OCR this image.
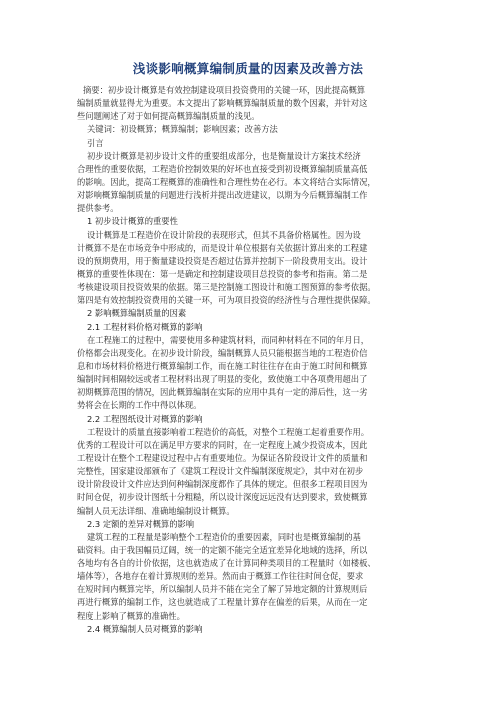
浅谈影响概算编制质量的因素及改善方法
摘要：初步设计概算是有效控制建设项目投资费用的关键一环，因此提高概算
编制质量就显得尤为重要。本文提出了影响概算编制质量的数个因素，并针对这
些问题阐述了对于如何提高概算编制质量的浅见。
关键词：初设概算；概算编制；影响因素；改善方法
引言
初步设计概算是初步设计文件的重要组成部分，也是衡量设计方案技术经济
合理性的重要依据，工程造价控制效果的好坏也直接受到初设概算编制质量高低
的影响。因此，提高工程概算的准确性和合理性势在必行。本文将结合实际情况，
对影响概算编制质量的问题进行浅析并提出改进建议，以期为今后概算编制工作
提供参考。
1 初步设计概算的重要性
设计概算是工程造价在设计阶段的表现形式，但其不具备价格属性。因为设
计概算不是在市场竞争中形成的，而是设计单位根据有关依据计算出来的工程建
设的预期费用，用于衡量建设投资是否超过估算并控制下一阶段费用支出。设计
概算的重要性体现在：第一是确定和控制建设项目总投资的参考和指南。第二是
考核建设项目投资效果的依据。第三是控制施工图设计和施工图预算的参考依据。
第四是有效控制投资费用的关键一环，可为项目投资的经济性与合理性提供保障。
2 影响概算编制质量的因素
2.1 工程材料价格对概算的影响
在工程施工的过程中，需要使用多种建筑材料，而同种材料在不同的年月日，
价格都会出现变化。在初步设计阶段，编制概算人员只能根据当地的工程造价信
息和市场材料价格进行概算编制工作，而在施工时往往存在由于施工时间和概算
编制时间相隔较远或者工程材料出现了明显的变化，致使施工中各项费用超出了
初期概算范围的情况，因此概算编制在实际的应用中具有一定的滞后性，这一劣
势将会在长期的工作中得以体现。
2.2 工程图纸设计对概算的影响
工程设计的质量直接影响着工程造价的高低，对整个工程施工起着重要作用。
优秀的工程设计可以在满足甲方要求的同时，在一定程度上减少投资成本，因此
工程设计在整个工程建设过程中占有重要地位。为保证各阶段设计文件的质量和
完整性，国家建设部颁布了《建筑工程设计文件编制深度规定》，其中对在初步
设计阶段设计文件应达到何种编制深度都作了具体的规定。但很多工程项目因为
时间仓促，初步设计图纸十分粗糙，所以设计深度远远没有达到要求，致使概算
编制人员无法详细、准确地编制设计概算。
2.3 定额的差异对概算的影响
建筑工程的工程量是影响整个工程造价的重要因素，同时也是概算编制的基
础资料。由于我国幅员辽阔，统一的定额不能完全适宜差异化地域的选择，所以
各地均有各自的计价依据，这也就造成了在计算同种类项目的工程量时（如楼板、
墙体等），各地存在着计算规则的差异。然而由于概算工作往往时间仓促，要求
在短时间内概算完毕，所以编制人员并不能在完全了解了异地定额的计算规则后
再进行概算的编制工作，这也就造成了工程量计算存在偏差的后果，从而在一定
程度上影响了概算的准确性。
2.4 概算编制人员对概算的影响
